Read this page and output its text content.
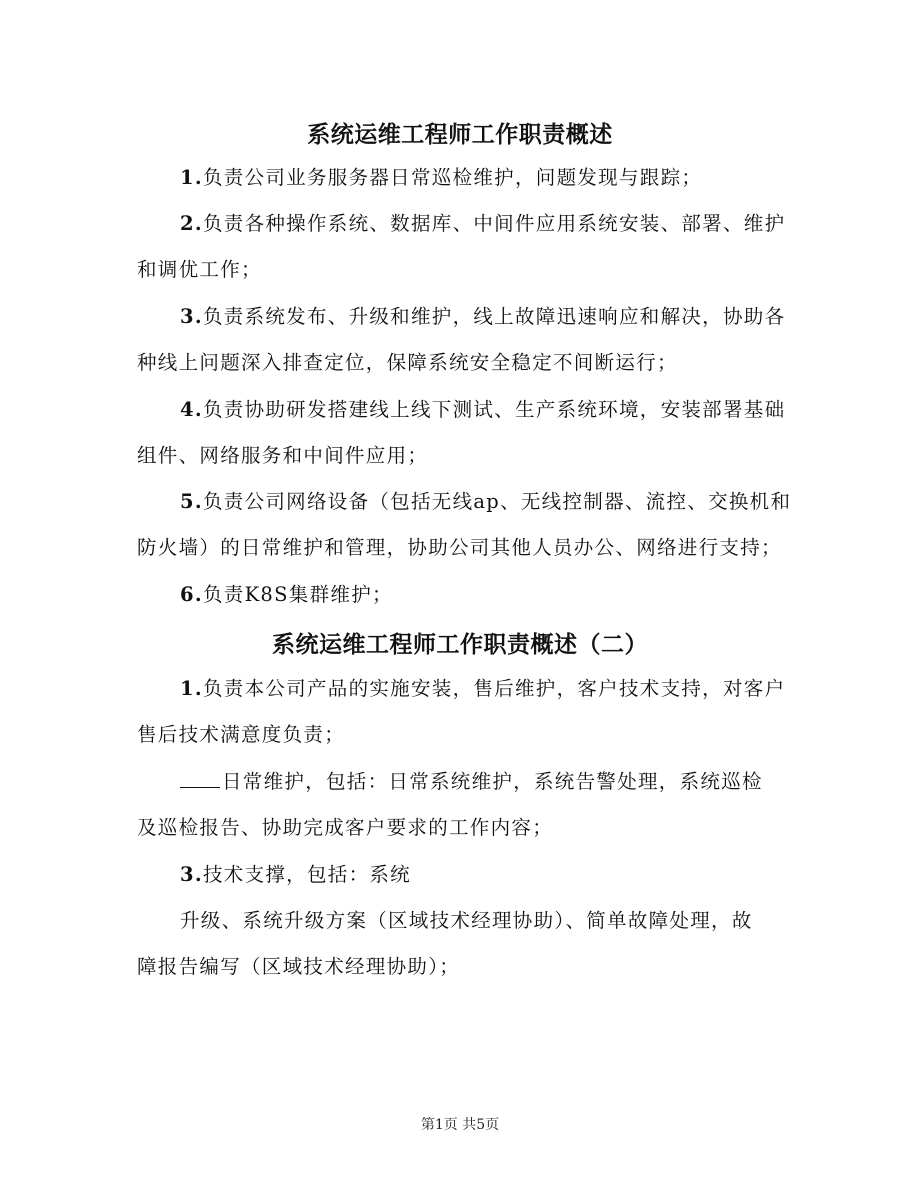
系统运维工程师工作职责概述
1.负责公司业务服务器日常巡检维护，问题发现与跟踪；
2.负责各种操作系统、数据库、中间件应用系统安装、部署、维护
和调优工作；
3.负责系统发布、升级和维护，线上故障迅速响应和解决，协助各
种线上问题深入排查定位，保障系统安全稳定不间断运行；
4.负责协助研发搭建线上线下测试、生产系统环境，安装部署基础
组件、网络服务和中间件应用；
5.负责公司网络设备（包括无线ap、无线控制器、流控、交换机和
防火墙）的日常维护和管理，协助公司其他人员办公、网络进行支持；
6.负责K8S集群维护；
系统运维工程师工作职责概述（二）
1.负责本公司产品的实施安装，售后维护，客户技术支持，对客户
售后技术满意度负责；
日常维护，包括：日常系统维护，系统告警处理，系统巡检
及巡检报告、协助完成客户要求的工作内容；
3.技术支撑，包括：系统
升级、系统升级方案（区域技术经理协助）、简单故障处理，故
障报告编写（区域技术经理协助）；
第1页 共5页
